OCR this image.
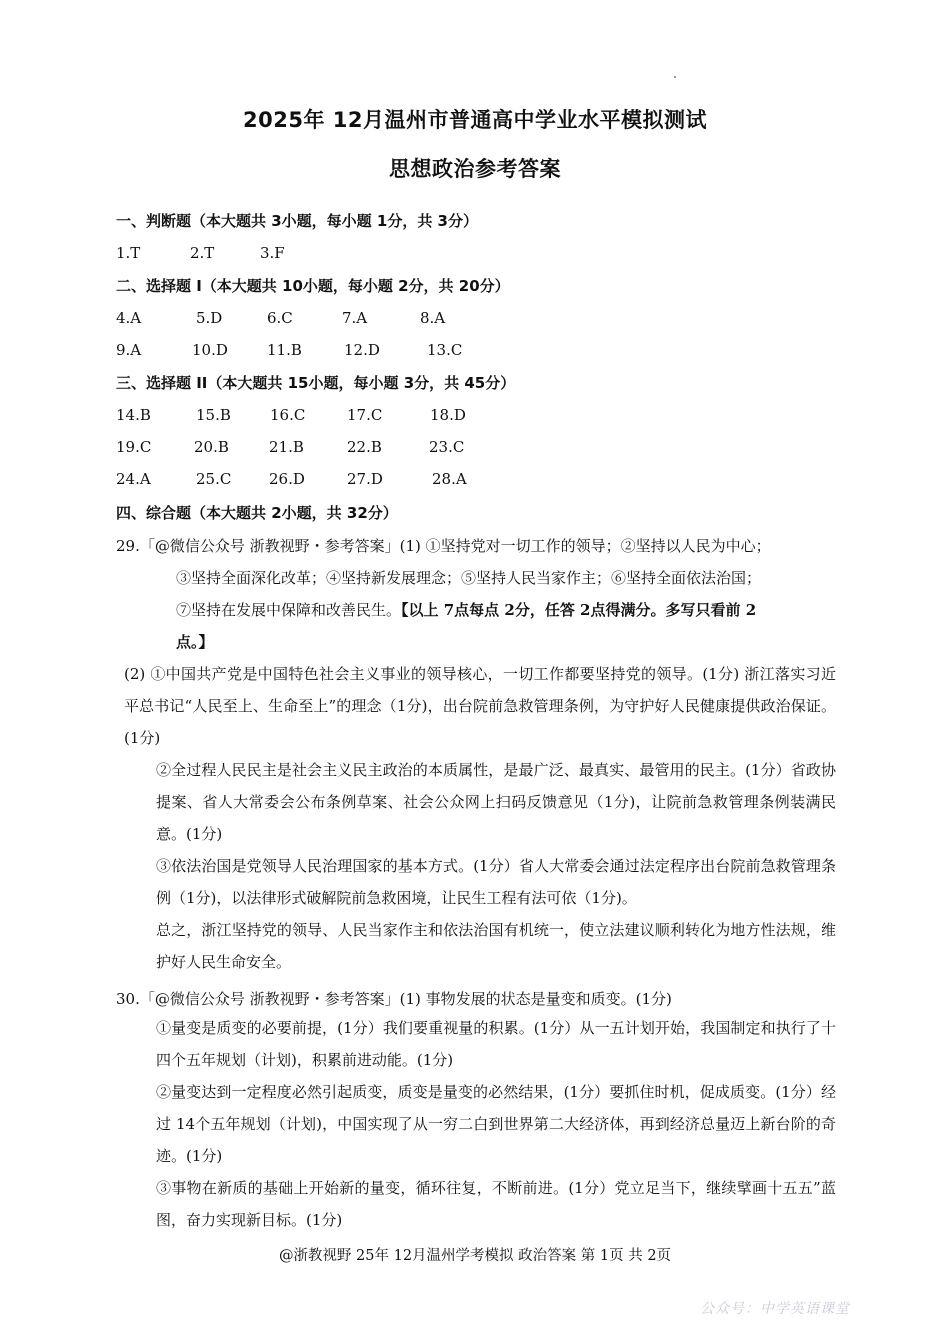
2025年 12月温州市普通高中学业水平模拟测试
思想政治参考答案
一、判断题（本大题共 3小题，每小题 1分，共 3分）
1.T	2.T	3.F
二、选择题 I（本大题共 10小题，每小题 2分，共 20分）
4.A	5.D	6.C	7.A	8.A
9.A	10.D	11.B	12.D	13.C
三、选择题 II（本大题共 15小题，每小题 3分，共 45分）
14.B	15.B	16.C	17.C	18.D
19.C	20.B	21.B	22.B	23.C
24.A	25.C	26.D	27.D	28.A
四、综合题（本大题共 2小题，共 32分）
29.「@微信公众号 浙教视野・参考答案」(1) ①坚持党对一切工作的领导；②坚持以人民为中心；
③坚持全面深化改革；④坚持新发展理念；⑤坚持人民当家作主；⑥坚持全面依法治国；
⑦坚持在发展中保障和改善民生。【以上 7点每点 2分，任答 2点得满分。多写只看前 2
点。】
(2) ①中国共产党是中国特色社会主义事业的领导核心，一切工作都要坚持党的领导。(1分) 浙江落实习近平总书记“人民至上、生命至上”的理念（1分)，出台院前急救管理条例，为守护好人民健康提供政治保证。(1分)
②全过程人民民主是社会主义民主政治的本质属性，是最广泛、最真实、最管用的民主。(1分）省政协提案、省人大常委会公布条例草案、社会公众网上扫码反馈意见（1分)，让院前急救管理条例装满民意。(1分)
③依法治国是党领导人民治理国家的基本方式。(1分）省人大常委会通过法定程序出台院前急救管理条例（1分)，以法律形式破解院前急救困境，让民生工程有法可依（1分)。
总之，浙江坚持党的领导、人民当家作主和依法治国有机统一，使立法建议顺利转化为地方性法规，维护好人民生命安全。
30.「@微信公众号 浙教视野・参考答案」(1) 事物发展的状态是量变和质变。(1分)
①量变是质变的必要前提，(1分）我们要重视量的积累。(1分）从一五计划开始，我国制定和执行了十四个五年规划（计划)，积累前进动能。(1分)
②量变达到一定程度必然引起质变，质变是量变的必然结果，(1分）要抓住时机，促成质变。(1分）经过 14个五年规划（计划)，中国实现了从一穷二白到世界第二大经济体，再到经济总量迈上新台阶的奇迹。(1分)
③事物在新质的基础上开始新的量变，循环往复，不断前进。(1分）党立足当下，继续擘画十五五”蓝图，奋力实现新目标。(1分)
@浙教视野 25年 12月温州学考模拟 政治答案 第 1页 共 2页
公众号：中学英语课堂
